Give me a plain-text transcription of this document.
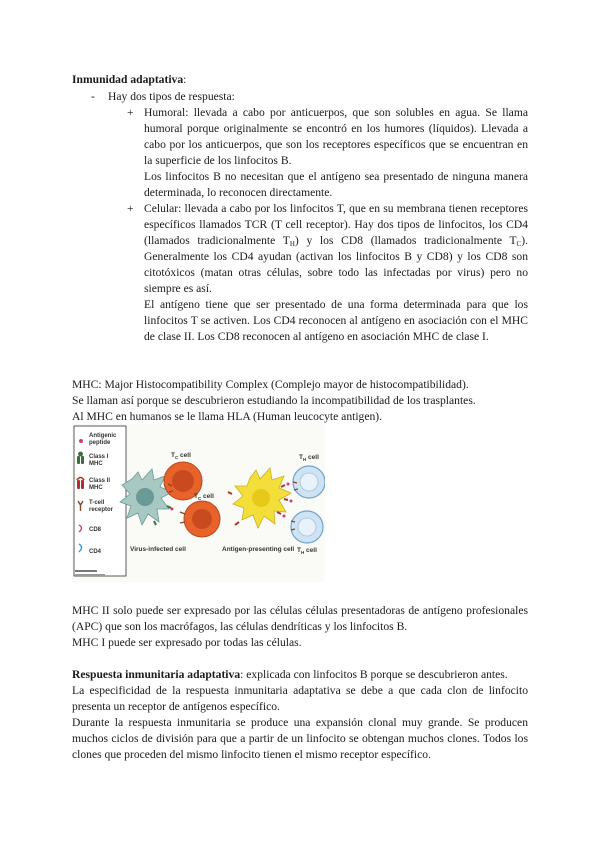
Inmunidad adaptativa:
- Hay dos tipos de respuesta:
+ Humoral: llevada a cabo por anticuerpos, que son solubles en agua. Se llama humoral porque originalmente se encontró en los humores (líquidos). Llevada a cabo por los anticuerpos, que son los receptores específicos que se encuentran en la superficie de los linfocitos B.
Los linfocitos B no necesitan que el antígeno sea presentado de ninguna manera determinada, lo reconocen directamente.
+ Celular: llevada a cabo por los linfocitos T, que en su membrana tienen receptores específicos llamados TCR (T cell receptor). Hay dos tipos de linfocitos, los CD4 (llamados tradicionalmente $T_H$) y los CD8 (llamados tradicionalmente $T_C$). Generalmente los CD4 ayudan (activan los linfocitos B y CD8) y los CD8 son citotóxicos (matan otras células, sobre todo las infectadas por virus) pero no siempre es así.
El antígeno tiene que ser presentado de una forma determinada para que los linfocitos T se activen. Los CD4 reconocen al antígeno en asociación con el MHC de clase II. Los CD8 reconocen al antígeno en asociación MHC de clase I.
MHC: Major Histocompatibility Complex (Complejo mayor de histocompatibilidad).
Se llaman así porque se descubrieron estudiando la incompatibilidad de los trasplantes.
Al MHC en humanos se le llama HLA (Human leucocyte antigen).
Antigenic
peptide
Class I
MHC
Class II
MHC
T-cell
receptor
CD8
CD4
$T_C$ cell
$T_C$ cell
$T_H$ cell
$T_H$ cell
Virus-infected cell	Antigen-presenting cell
MHC II solo puede ser expresado por las células células presentadoras de antígeno profesionales (APC) que son los macrófagos, las células dendríticas y los linfocitos B.
MHC I puede ser expresado por todas las células.
Respuesta inmunitaria adaptativa: explicada con linfocitos B porque se descubrieron antes.
La especificidad de la respuesta inmunitaria adaptativa se debe a que cada clon de linfocito presenta un receptor de antígenos específico.
Durante la respuesta inmunitaria se produce una expansión clonal muy grande. Se producen muchos ciclos de división para que a partir de un linfocito se obtengan muchos clones. Todos los clones que proceden del mismo linfocito tienen el mismo receptor específico.
